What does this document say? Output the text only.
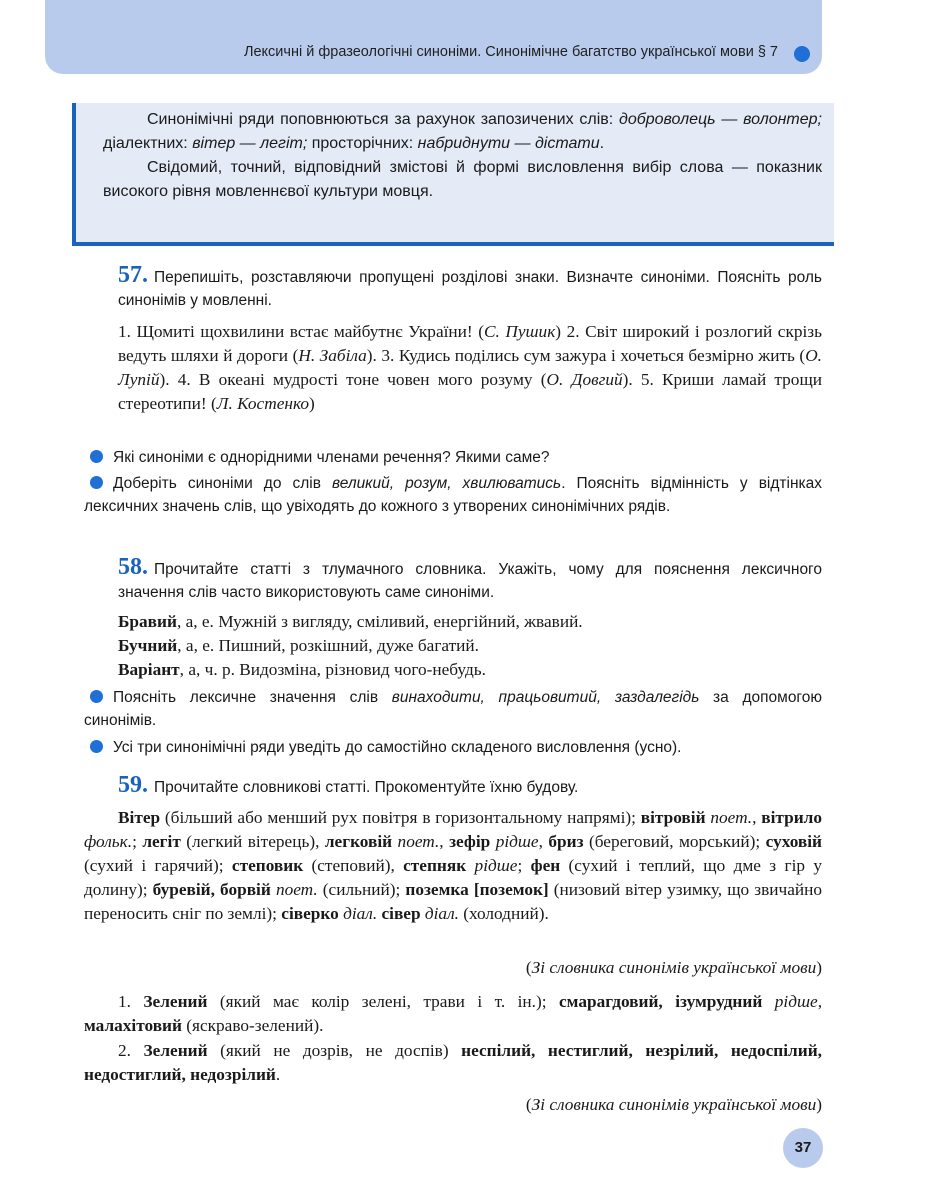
Лексичні й фразеологічні синоніми. Синонімічне багатство української мови § 7

Синонімічні ряди поповнюються за рахунок запозичених слів: доброволець — волонтер; діалектних: вітер — легіт; просторічних: набриднути — дістати.

Свідомий, точний, відповідний змістові й формі висловлення вибір слова — показник високого рівня мовленнєвої культури мовця.

57. Перепишіть, розставляючи пропущені розділові знаки. Визначте синоніми. Поясніть роль синонімів у мовленні.
1. Щомиті щохвилини встає майбутнє України! (С. Пушик) 2. Світ широкий і розлогий скрізь ведуть шляхи й дороги (Н. Забіла). 3. Кудись поділись сум зажура і хочеться безмірно жить (О. Лупій). 4. В океані мудрості тоне човен мого розуму (О. Довгий). 5. Криши ламай трощи стереотипи! (Л. Костенко)
Які синоніми є однорідними членами речення? Якими саме?
Доберіть синоніми до слів великий, розум, хвилюватись. Поясніть відмінність у відтінках лексичних значень слів, що увіходять до кожного з утворених синонімічних рядів.
58. Прочитайте статті з тлумачного словника. Укажіть, чому для пояснення лексичного значення слів часто використовують саме синоніми.
Бравий, а, е. Мужній з вигляду, сміливий, енергійний, жвавий.
Бучний, а, е. Пишний, розкішний, дуже багатий.
Варіант, а, ч. р. Видозміна, різновид чого-небудь.
Поясніть лексичне значення слів винаходити, працьовитий, заздалегідь за допомогою синонімів.
Усі три синонімічні ряди уведіть до самостійно складеного висловлення (усно).
59. Прочитайте словникові статті. Прокоментуйте їхню будову.
Вітер (більший або менший рух повітря в горизонтальному напрямі); вітровій поет., вітрило фольк.; легіт (легкий вітерець), легковій поет., зефір рідше, бриз (береговий, морський); суховій (сухий і гарячий); степовик (степовий), степняк рідше; фен (сухий і теплий, що дме з гір у долину); буревій, борвій поет. (сильний); поземка [поземок] (низовий вітер узимку, що звичайно переносить сніг по землі); сіверко діал. сівер діал. (холодний).
(Зі словника синонімів української мови)
1. Зелений (який має колір зелені, трави і т. ін.); смарагдовий, ізумрудний рідше, малахітовий (яскраво-зелений).
2. Зелений (який не дозрів, не доспів) неспілий, нестиглий, незрілий, недоспілий, недостиглий, недозрілий.
(Зі словника синонімів української мови)
37
